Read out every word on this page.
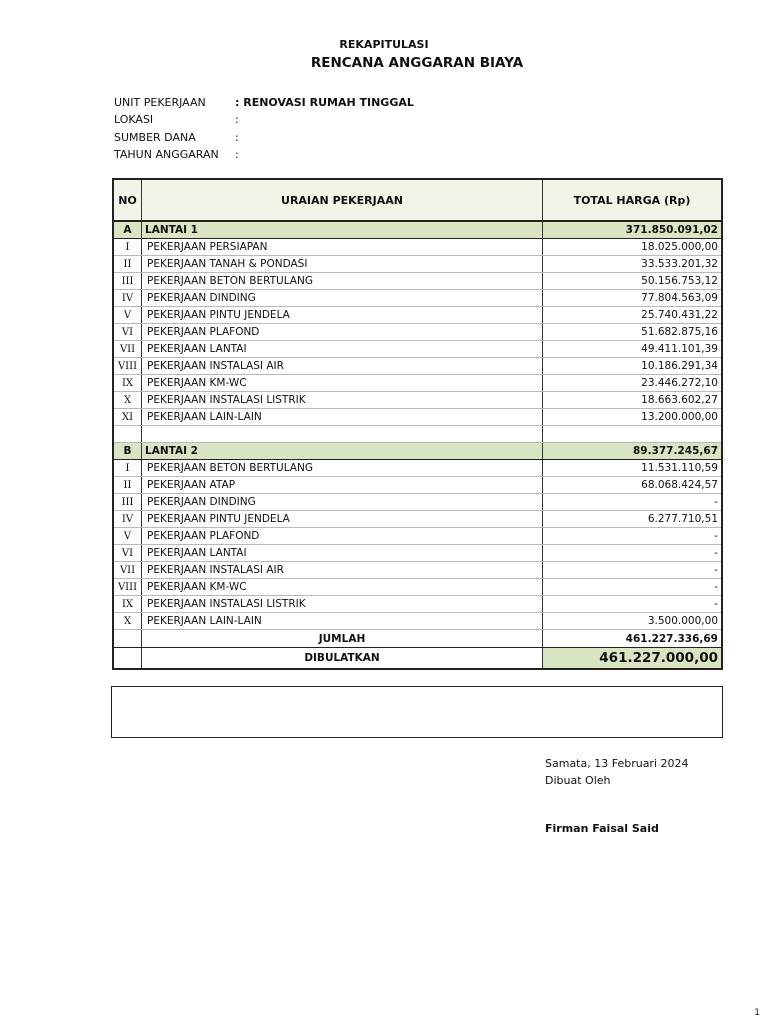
REKAPITULASI
RENCANA ANGGARAN BIAYA
UNIT PEKERJAAN	: RENOVASI RUMAH TINGGAL
LOKASI	:
SUMBER DANA	:
TAHUN ANGGARAN	:
NO	URAIAN PEKERJAAN	TOTAL HARGA (Rp)
A	LANTAI 1	371.850.091,02
I	PEKERJAAN PERSIAPAN	18.025.000,00
II	PEKERJAAN TANAH & PONDASI	33.533.201,32
III	PEKERJAAN BETON BERTULANG	50.156.753,12
IV	PEKERJAAN DINDING	77.804.563,09
V	PEKERJAAN PINTU JENDELA	25.740.431,22
VI	PEKERJAAN PLAFOND	51.682.875,16
VII	PEKERJAAN LANTAI	49.411.101,39
VIII	PEKERJAAN INSTALASI AIR	10.186.291,34
IX	PEKERJAAN KM-WC	23.446.272,10
X	PEKERJAAN INSTALASI LISTRIK	18.663.602,27
XI	PEKERJAAN LAIN-LAIN	13.200.000,00

B	LANTAI 2	89.377.245,67
I	PEKERJAAN BETON BERTULANG	11.531.110,59
II	PEKERJAAN ATAP	68.068.424,57
III	PEKERJAAN DINDING	-
IV	PEKERJAAN PINTU JENDELA	6.277.710,51
V	PEKERJAAN PLAFOND	-
VI	PEKERJAAN LANTAI	-
VII	PEKERJAAN INSTALASI AIR	-
VIII	PEKERJAAN KM-WC	-
IX	PEKERJAAN INSTALASI LISTRIK	-
X	PEKERJAAN LAIN-LAIN	3.500.000,00
	JUMLAH	461.227.336,69
	DIBULATKAN	461.227.000,00
Samata, 13 Februari 2024
Dibuat Oleh
Firman Faisal Said
1
